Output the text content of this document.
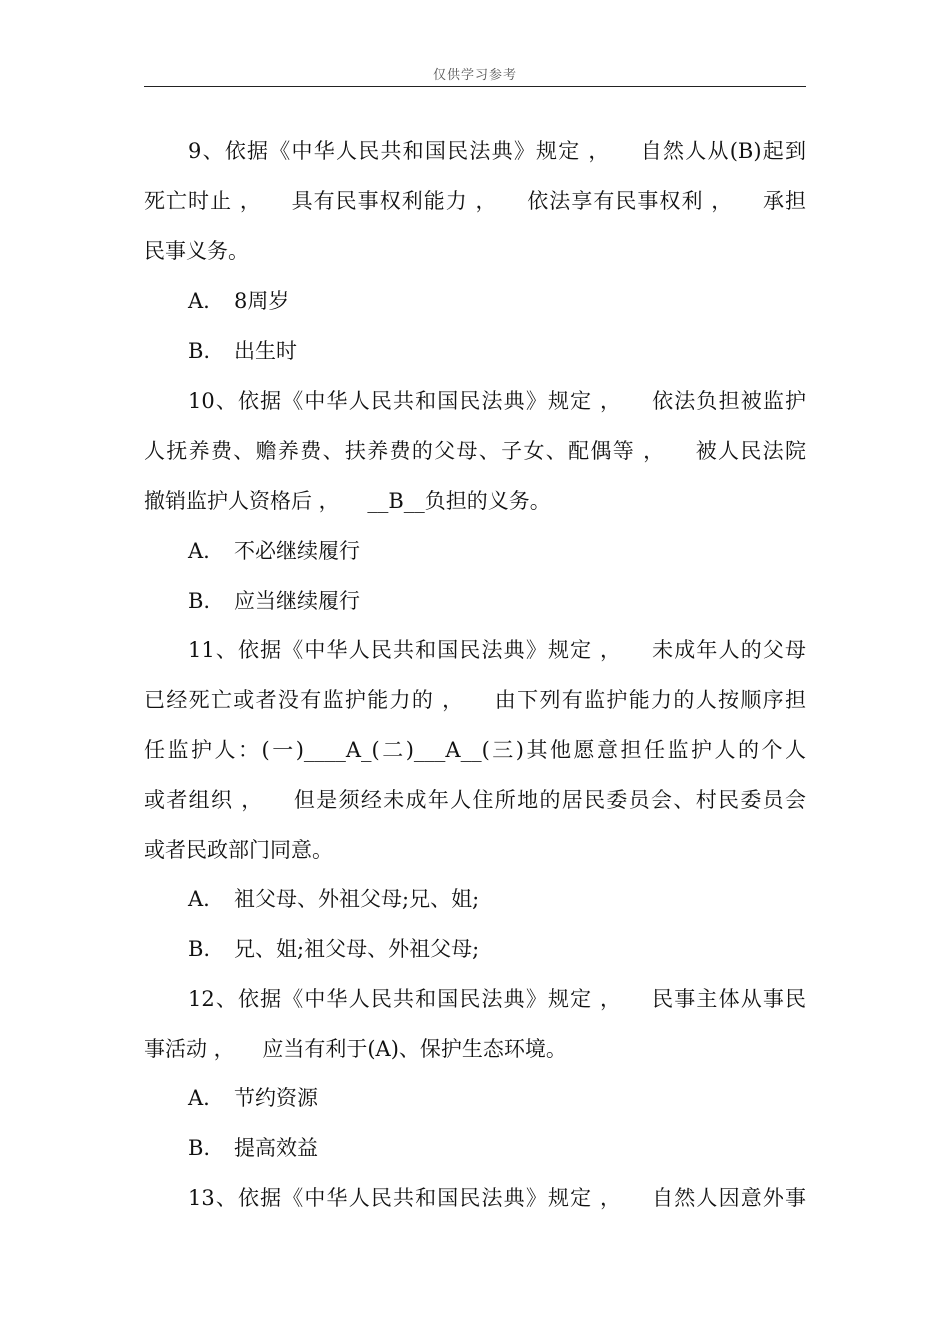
仅供学习参考
9、依据《中华人民共和国民法典》规定 ， 　自然人从(B)起到
死亡时止 ， 　具有民事权利能力 ， 　依法享有民事权利 ， 　承担
民事义务。
A. 8周岁
B. 出生时
10、依据《中华人民共和国民法典》规定 ， 　依法负担被监护
人抚养费、赡养费、扶养费的父母、子女、配偶等 ， 　被人民法院
撤销监护人资格后 ， 　__B__负担的义务。
A. 不必继续履行
B. 应当继续履行
11、依据《中华人民共和国民法典》规定 ， 　未成年人的父母
已经死亡或者没有监护能力的 ， 　由下列有监护能力的人按顺序担
任监护人：(一)____A_(二)___A__(三)其他愿意担任监护人的个人
或者组织 ， 　但是须经未成年人住所地的居民委员会、村民委员会
或者民政部门同意。
A. 祖父母、外祖父母;兄、姐;
B. 兄、姐;祖父母、外祖父母;
12、依据《中华人民共和国民法典》规定 ， 　民事主体从事民
事活动 ， 　应当有利于(A)、保护生态环境。
A. 节约资源
B. 提高效益
13、依据《中华人民共和国民法典》规定 ， 　自然人因意外事
